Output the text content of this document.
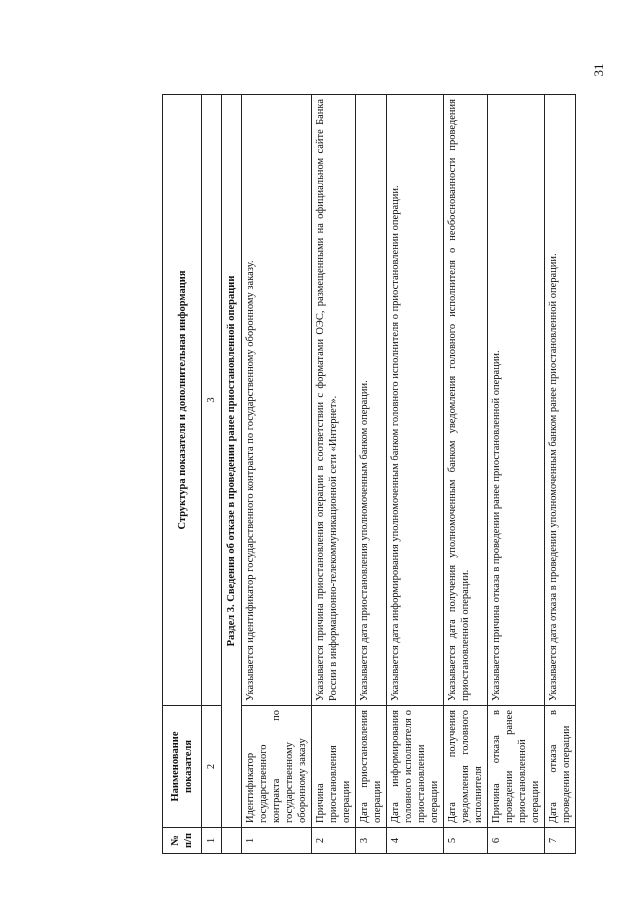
31
№ п/п	Наименование показателя	Структура показателя и дополнительная информация
1	2	3
	Раздел 3. Сведения об отказе в проведении ранее приостановленной операции	
1	Идентификатор государственного контракта по государственному оборонному заказу	Указывается идентификатор государственного контракта по государственному оборонному заказу.
2	Причина приостановления операции	Указывается причина приостановления операции в соответствии с форматами ОЭС, размещенными на официальном сайте Банка России в информационно-телекоммуникационной сети «Интернет».
3	Дата приостановления операции	Указывается дата приостановления уполномоченным банком операции.
4	Дата информирования головного исполнителя о приостановлении операции	Указывается дата информирования уполномоченным банком головного исполнителя о приостановлении операции.
5	Дата получения уведомления головного исполнителя	Указывается дата получения уполномоченным банком уведомления головного исполнителя о необоснованности проведения приостановленной операции.
6	Причина отказа в проведении ранее приостановленной операции	Указывается причина отказа в проведении ранее приостановленной операции.
7	Дата отказа в проведении операции	Указывается дата отказа в проведении уполномоченным банком ранее приостановленной операции.
